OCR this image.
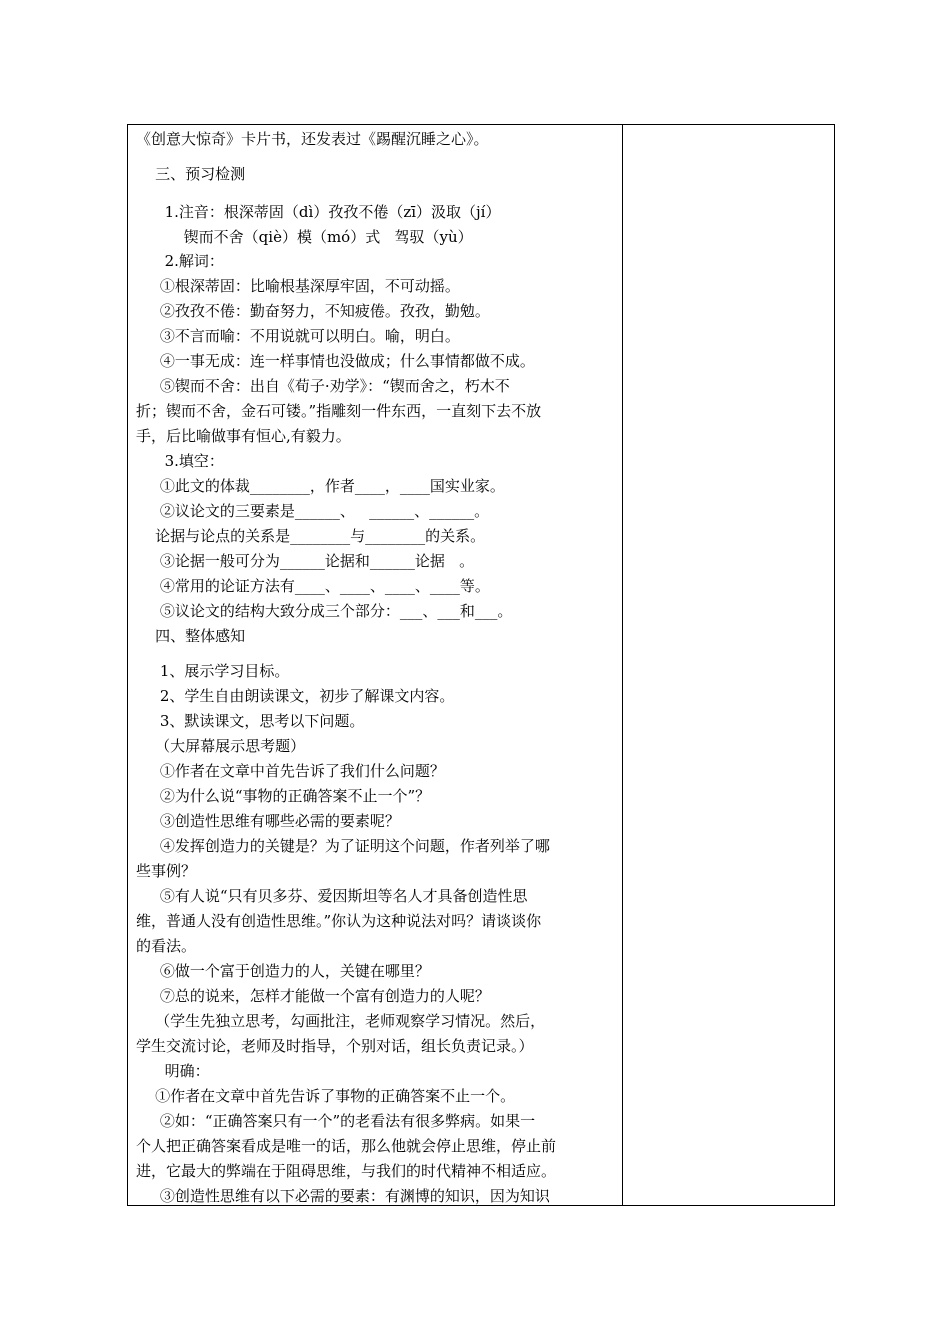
《创意大惊奇》卡片书，还发表过《踢醒沉睡之心》。
三、预习检测
1.注音：根深蒂固（dì）孜孜不倦（zī）汲取（jí）
锲而不舍（qiè）模（mó）式   驾驭（yù）
2.解词：
①根深蒂固：比喻根基深厚牢固，不可动摇。
②孜孜不倦：勤奋努力，不知疲倦。孜孜，勤勉。
③不言而喻：不用说就可以明白。喻，明白。
④一事无成：连一样事情也没做成；什么事情都做不成。
⑤锲而不舍：出自《荀子·劝学》：“锲而舍之，朽木不
折；锲而不舍，金石可镂。”指雕刻一件东西，一直刻下去不放
手，后比喻做事有恒心,有毅力。
3.填空：
①此文的体裁________，作者____，____国实业家。
②议论文的三要素是______、   ______、______。
论据与论点的关系是________与________的关系。
③论据一般可分为______论据和______论据   。
④常用的论证方法有____、____、____、____等。
⑤议论文的结构大致分成三个部分：___、___和___。
四、整体感知
1、展示学习目标。
2、学生自由朗读课文，初步了解课文内容。
3、默读课文，思考以下问题。
（大屏幕展示思考题）
①作者在文章中首先告诉了我们什么问题？
②为什么说“事物的正确答案不止一个”？
③创造性思维有哪些必需的要素呢？
④发挥创造力的关键是？为了证明这个问题，作者列举了哪
些事例？
⑤有人说“只有贝多芬、爱因斯坦等名人才具备创造性思
维，普通人没有创造性思维。”你认为这种说法对吗？请谈谈你
的看法。
⑥做一个富于创造力的人，关键在哪里？
⑦总的说来，怎样才能做一个富有创造力的人呢？
（学生先独立思考，勾画批注，老师观察学习情况。然后，
学生交流讨论，老师及时指导，个别对话，组长负责记录。）
明确：
①作者在文章中首先告诉了事物的正确答案不止一个。
②如：“正确答案只有一个”的老看法有很多弊病。如果一
个人把正确答案看成是唯一的话，那么他就会停止思维，停止前
进，它最大的弊端在于阻碍思维，与我们的时代精神不相适应。
③创造性思维有以下必需的要素：有渊博的知识，因为知识
